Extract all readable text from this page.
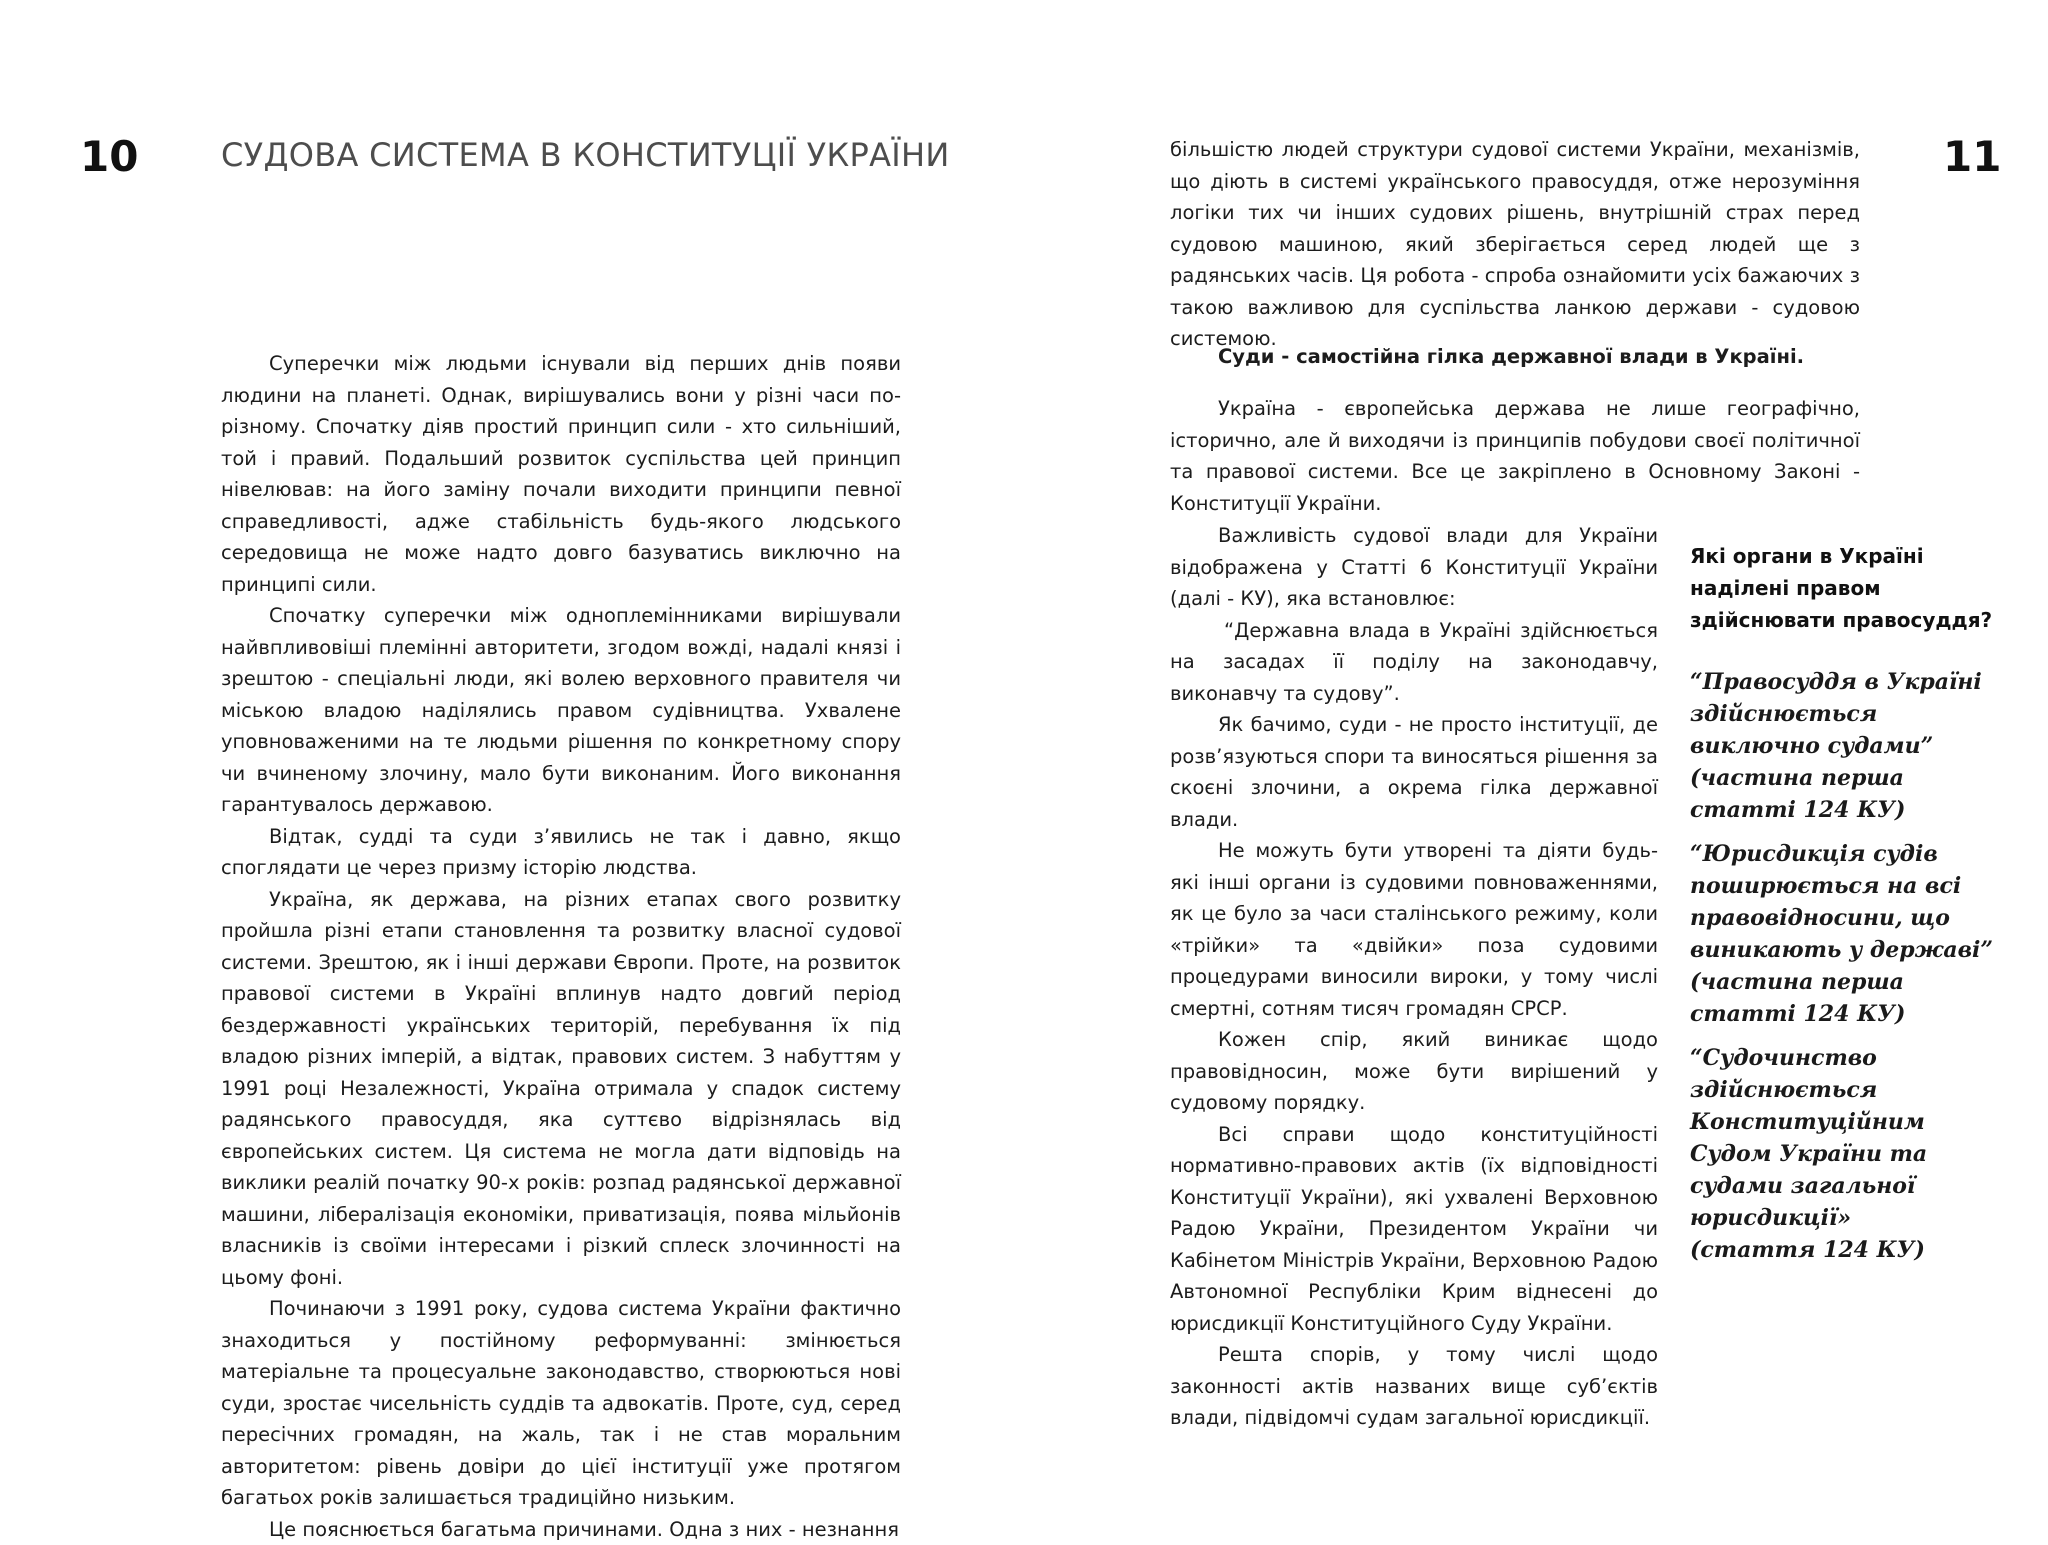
10	СУДОВА СИСТЕМА В КОНСТИТУЦІЇ УКРАЇНИ

Суперечки між людьми існували від перших днів появи людини на планеті. Однак, вирішувались вони у різні часи по-різному. Спочатку діяв простий принцип сили - хто сильніший, той і правий. Подальший розвиток суспільства цей принцип нівелював: на його заміну почали виходити принципи певної справедливості, адже стабільність будь-якого людського середовища не може надто довго базуватись виключно на принципі сили.

Спочатку суперечки між одноплемінниками вирішували найвпливовіші племінні авторитети, згодом вожді, надалі князі і зрештою - спеціальні люди, які волею верховного правителя чи міською владою наділялись правом судівництва. Ухвалене уповноваженими на те людьми рішення по конкретному спору чи вчиненому злочину, мало бути виконаним. Його виконання гарантувалось державою.

Відтак, судді та суди з’явились не так і давно, якщо споглядати це через призму історію людства.

Україна, як держава, на різних етапах свого розвитку пройшла різні етапи становлення та розвитку власної судової системи. Зрештою, як і інші держави Європи. Проте, на розвиток правової системи в Україні вплинув надто довгий період бездержавності українських територій, перебування їх під владою різних імперій, а відтак, правових систем. З набуттям у 1991 році Незалежності, Україна отримала у спадок систему радянського правосуддя, яка суттєво відрізнялась від європейських систем. Ця система не могла дати відповідь на виклики реалій початку 90-х років: розпад радянської державної машини, лібералізація економіки, приватизація, поява мільйонів власників із своїми інтересами і різкий сплеск злочинності на цьому фоні.

Починаючи з 1991 року, судова система України фактично знаходиться у постійному реформуванні: змінюється матеріальне та процесуальне законодавство, створюються нові суди, зростає чисельність суддів та адвокатів. Проте, суд, серед пересічних громадян, на жаль, так і не став моральним авторитетом: рівень довіри до цієї інституції уже протягом багатьох років залишається традиційно низьким.

Це пояснюється багатьма причинами. Одна з них - незнання

11

більшістю людей структури судової системи України, механізмів, що діють в системі українського правосуддя, отже нерозуміння логіки тих чи інших судових рішень, внутрішній страх перед судовою машиною, який зберігається серед людей ще з радянських часів. Ця робота - спроба ознайомити усіх бажаючих з такою важливою для суспільства ланкою держави - судовою системою.

Суди - самостійна гілка державної влади в Україні.

Україна - європейська держава не лише географічно, історично, але й виходячи із принципів побудови своєї політичної та правової системи. Все це закріплено в Основному Законі - Конституції України.

Важливість судової влади для України відображена у Статті 6 Конституції України (далі - КУ), яка встановлює:

“Державна влада в Україні здійснюється на засадах її поділу на законодавчу, виконавчу та судову”.

Як бачимо, суди - не просто інституції, де розв’язуються спори та виносяться рішення за скоєні злочини, а окрема гілка державної влади.

Не можуть бути утворені та діяти будь-які інші органи із судовими повноваженнями, як це було за часи сталінського режиму, коли «трійки» та «двійки» поза судовими процедурами виносили вироки, у тому числі смертні, сотням тисяч громадян СРСР.

Кожен спір, який виникає щодо правовідносин, може бути вирішений у судовому порядку.

Всі справи щодо конституційності нормативно-правових актів (їх відповідності Конституції України), які ухвалені Верховною Радою України, Президентом України чи Кабінетом Міністрів України, Верховною Радою Автономної Республіки Крим віднесені до юрисдикції Конституційного Суду України.

Решта спорів, у тому числі щодо законності актів названих вище суб’єктів влади, підвідомчі судам загальної юрисдикції.

Які органи в Україні наділені правом здійснювати правосуддя?
“Правосуддя в Україні здійснюється виключно судами”
(частина перша статті 124 КУ)
“Юрисдикція судів поширюється на всі правовідносини, що виникають у державі”
(частина перша статті 124 КУ)
“Судочинство здійснюється Конституційним Судом України та судами загальної юрисдикції»
(стаття 124 КУ)
